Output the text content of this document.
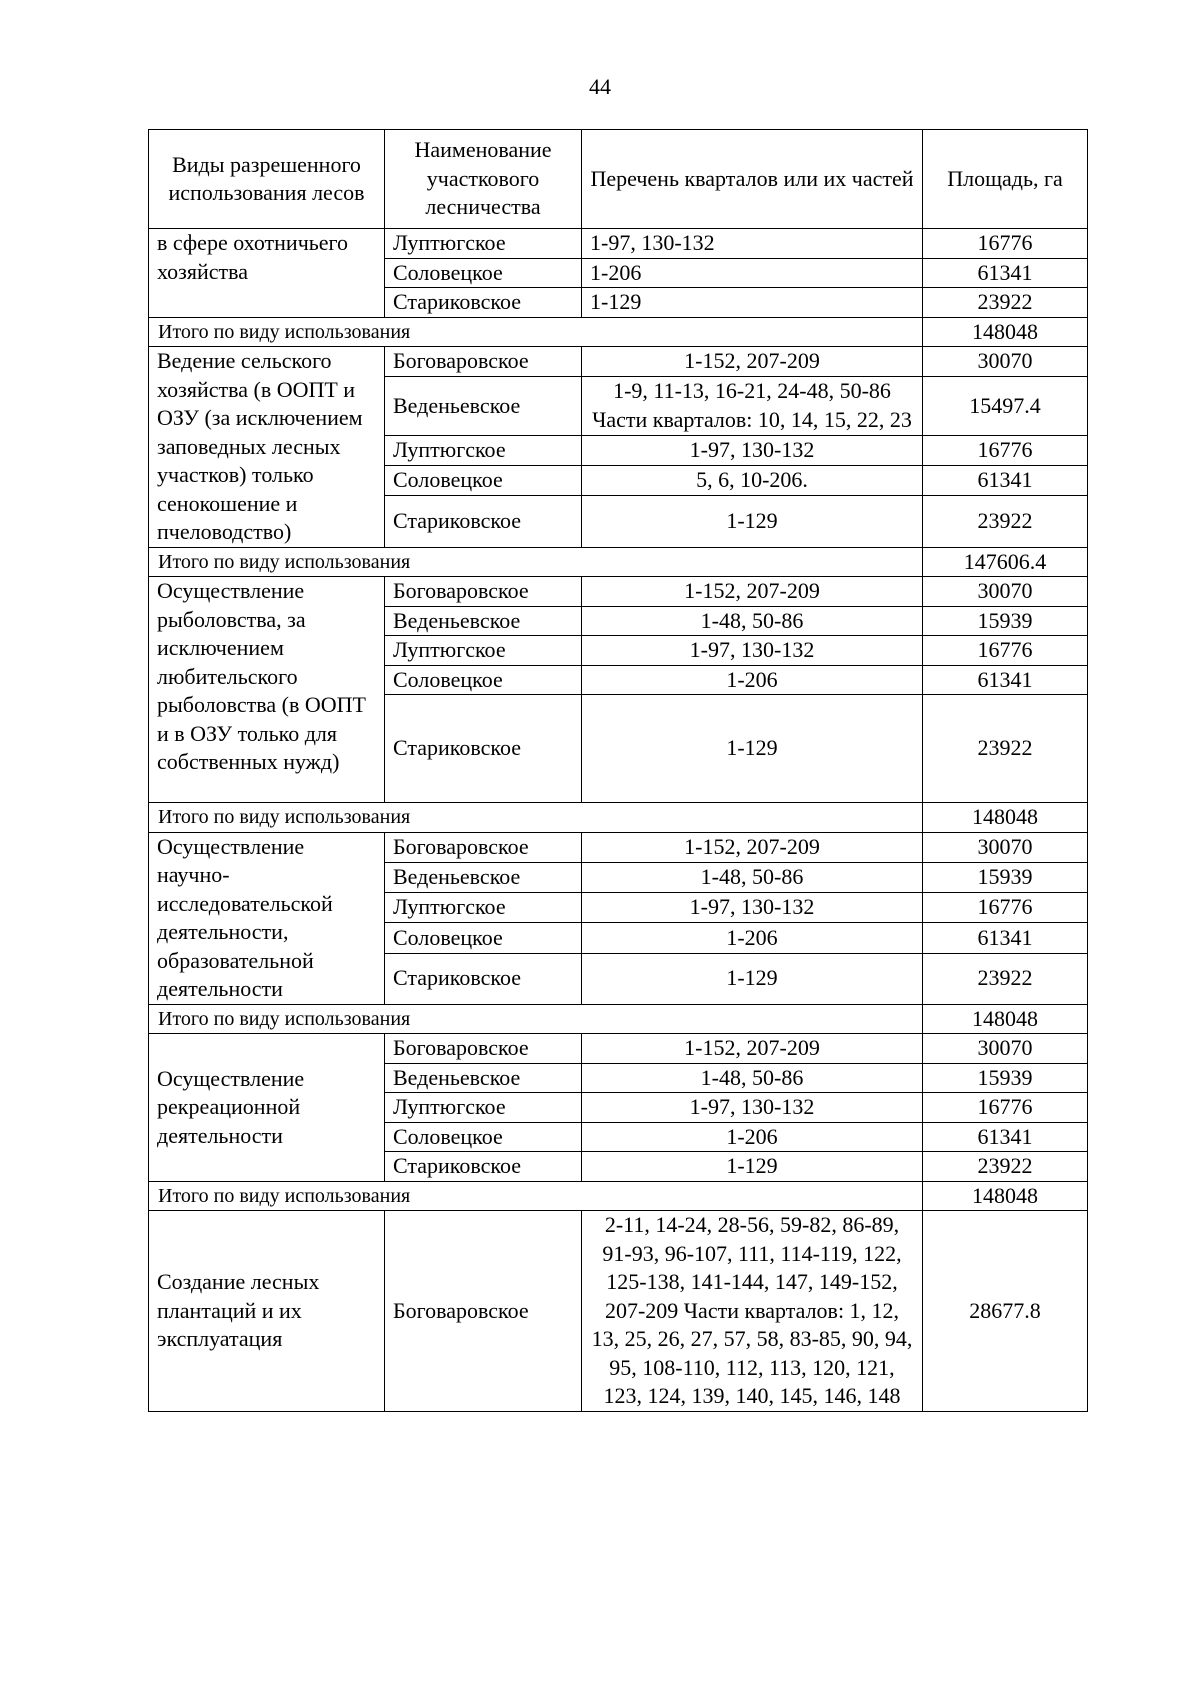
44
Виды разрешенного использования лесов	Наименование участкового лесничества	Перечень кварталов или их частей	Площадь, га
в сфере охотничьего хозяйства	Луптюгское	1-97, 130-132	16776
	Соловецкое	1-206	61341
	Стариковское	1-129	23922
Итого по виду использования			148048
Ведение сельского хозяйства (в ООПТ и ОЗУ (за исключением заповедных лесных участков) только сенокошение и пчеловодство)	Боговаровское	1-152, 207-209	30070
	Веденьевское	1-9, 11-13, 16-21, 24-48, 50-86 Части кварталов: 10, 14, 15, 22, 23	15497.4
	Луптюгское	1-97, 130-132	16776
	Соловецкое	5, 6, 10-206.	61341
	Стариковское	1-129	23922
Итого по виду использования			147606.4
Осуществление рыболовства, за исключением любительского рыболовства (в ООПТ и в ОЗУ только для собственных нужд)	Боговаровское	1-152, 207-209	30070
	Веденьевское	1-48, 50-86	15939
	Луптюгское	1-97, 130-132	16776
	Соловецкое	1-206	61341
	Стариковское	1-129	23922
Итого по виду использования			148048
Осуществление научно-исследовательской деятельности, образовательной деятельности	Боговаровское	1-152, 207-209	30070
	Веденьевское	1-48, 50-86	15939
	Луптюгское	1-97, 130-132	16776
	Соловецкое	1-206	61341
	Стариковское	1-129	23922
Итого по виду использования			148048
Осуществление рекреационной деятельности	Боговаровское	1-152, 207-209	30070
	Веденьевское	1-48, 50-86	15939
	Луптюгское	1-97, 130-132	16776
	Соловецкое	1-206	61341
	Стариковское	1-129	23922
Итого по виду использования			148048
Создание лесных плантаций и их эксплуатация	Боговаровское	2-11, 14-24, 28-56, 59-82, 86-89, 91-93, 96-107, 111, 114-119, 122, 125-138, 141-144, 147, 149-152, 207-209 Части кварталов: 1, 12, 13, 25, 26, 27, 57, 58, 83-85, 90, 94, 95, 108-110, 112, 113, 120, 121, 123, 124, 139, 140, 145, 146, 148	28677.8
